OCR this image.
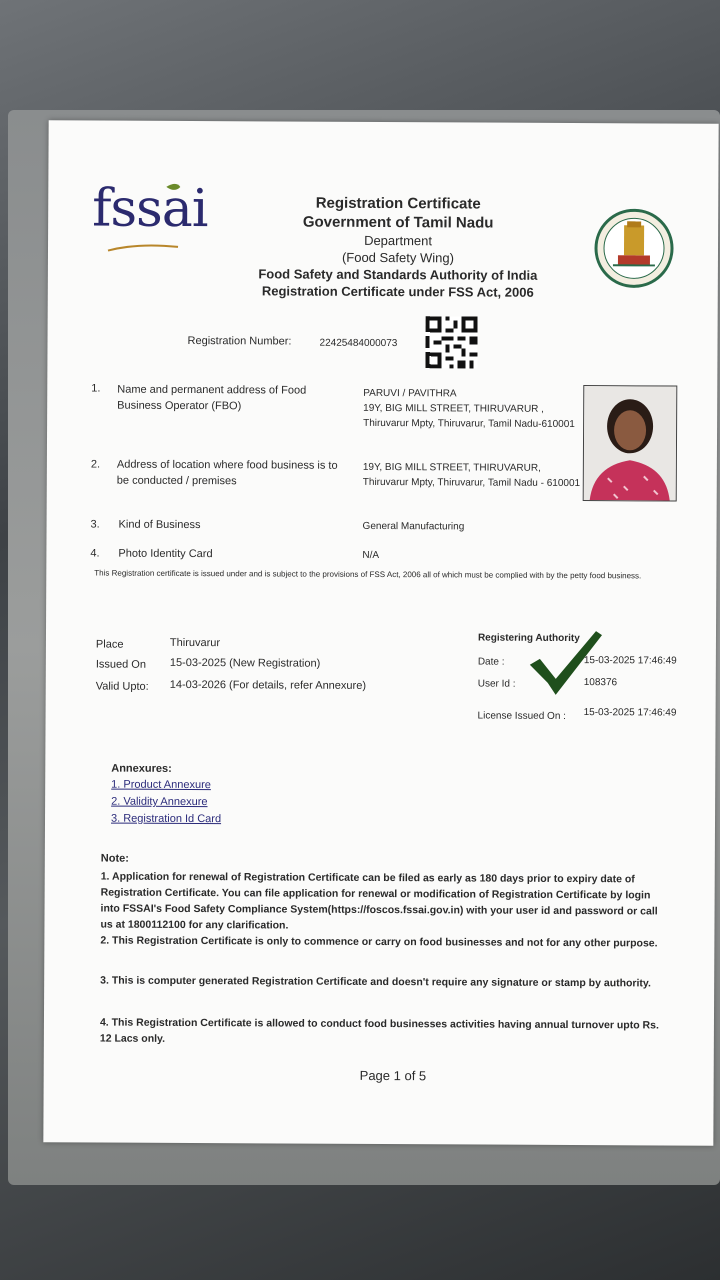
fssai	Registration Certificate
Government of Tamil Nadu
Department
(Food Safety Wing)
Food Safety and Standards Authority of India
Registration Certificate under FSS Act, 2006
Registration Number:	22425484000073
1. Name and permanent address of Food Business Operator (FBO)
PARUVI / PAVITHRA
19Y, BIG MILL STREET, THIRUVARUR , Thiruvarur Mpty, Thiruvarur, Tamil Nadu-610001
2. Address of location where food business is to be conducted / premises
19Y, BIG MILL STREET, THIRUVARUR, Thiruvarur Mpty, Thiruvarur, Tamil Nadu - 610001
3. Kind of Business	General Manufacturing
4. Photo Identity Card	N/A
This Registration certificate is issued under and is subject to the provisions of FSS Act, 2006 all of which must be complied with by the petty food business.
Place	Thiruvarur
Issued On 15-03-2025 (New Registration)
Valid Upto: 14-03-2026 (For details, refer Annexure)
Registering Authority
Date :	15-03-2025 17:46:49
User Id :	108376
License Issued On : 15-03-2025 17:46:49
Annexures:
1. Product Annexure
2. Validity Annexure
3. Registration Id Card
Note:
1. Application for renewal of Registration Certificate can be filed as early as 180 days prior to expiry date of Registration Certificate. You can file application for renewal or modification of Registration Certificate by login into FSSAI's Food Safety Compliance System(https://foscos.fssai.gov.in) with your user id and password or call us at 1800112100 for any clarification.
2. This Registration Certificate is only to commence or carry on food businesses and not for any other purpose.
3. This is computer generated Registration Certificate and doesn't require any signature or stamp by authority.
4. This Registration Certificate is allowed to conduct food businesses activities having annual turnover upto Rs. 12 Lacs only.
Page 1 of 5
